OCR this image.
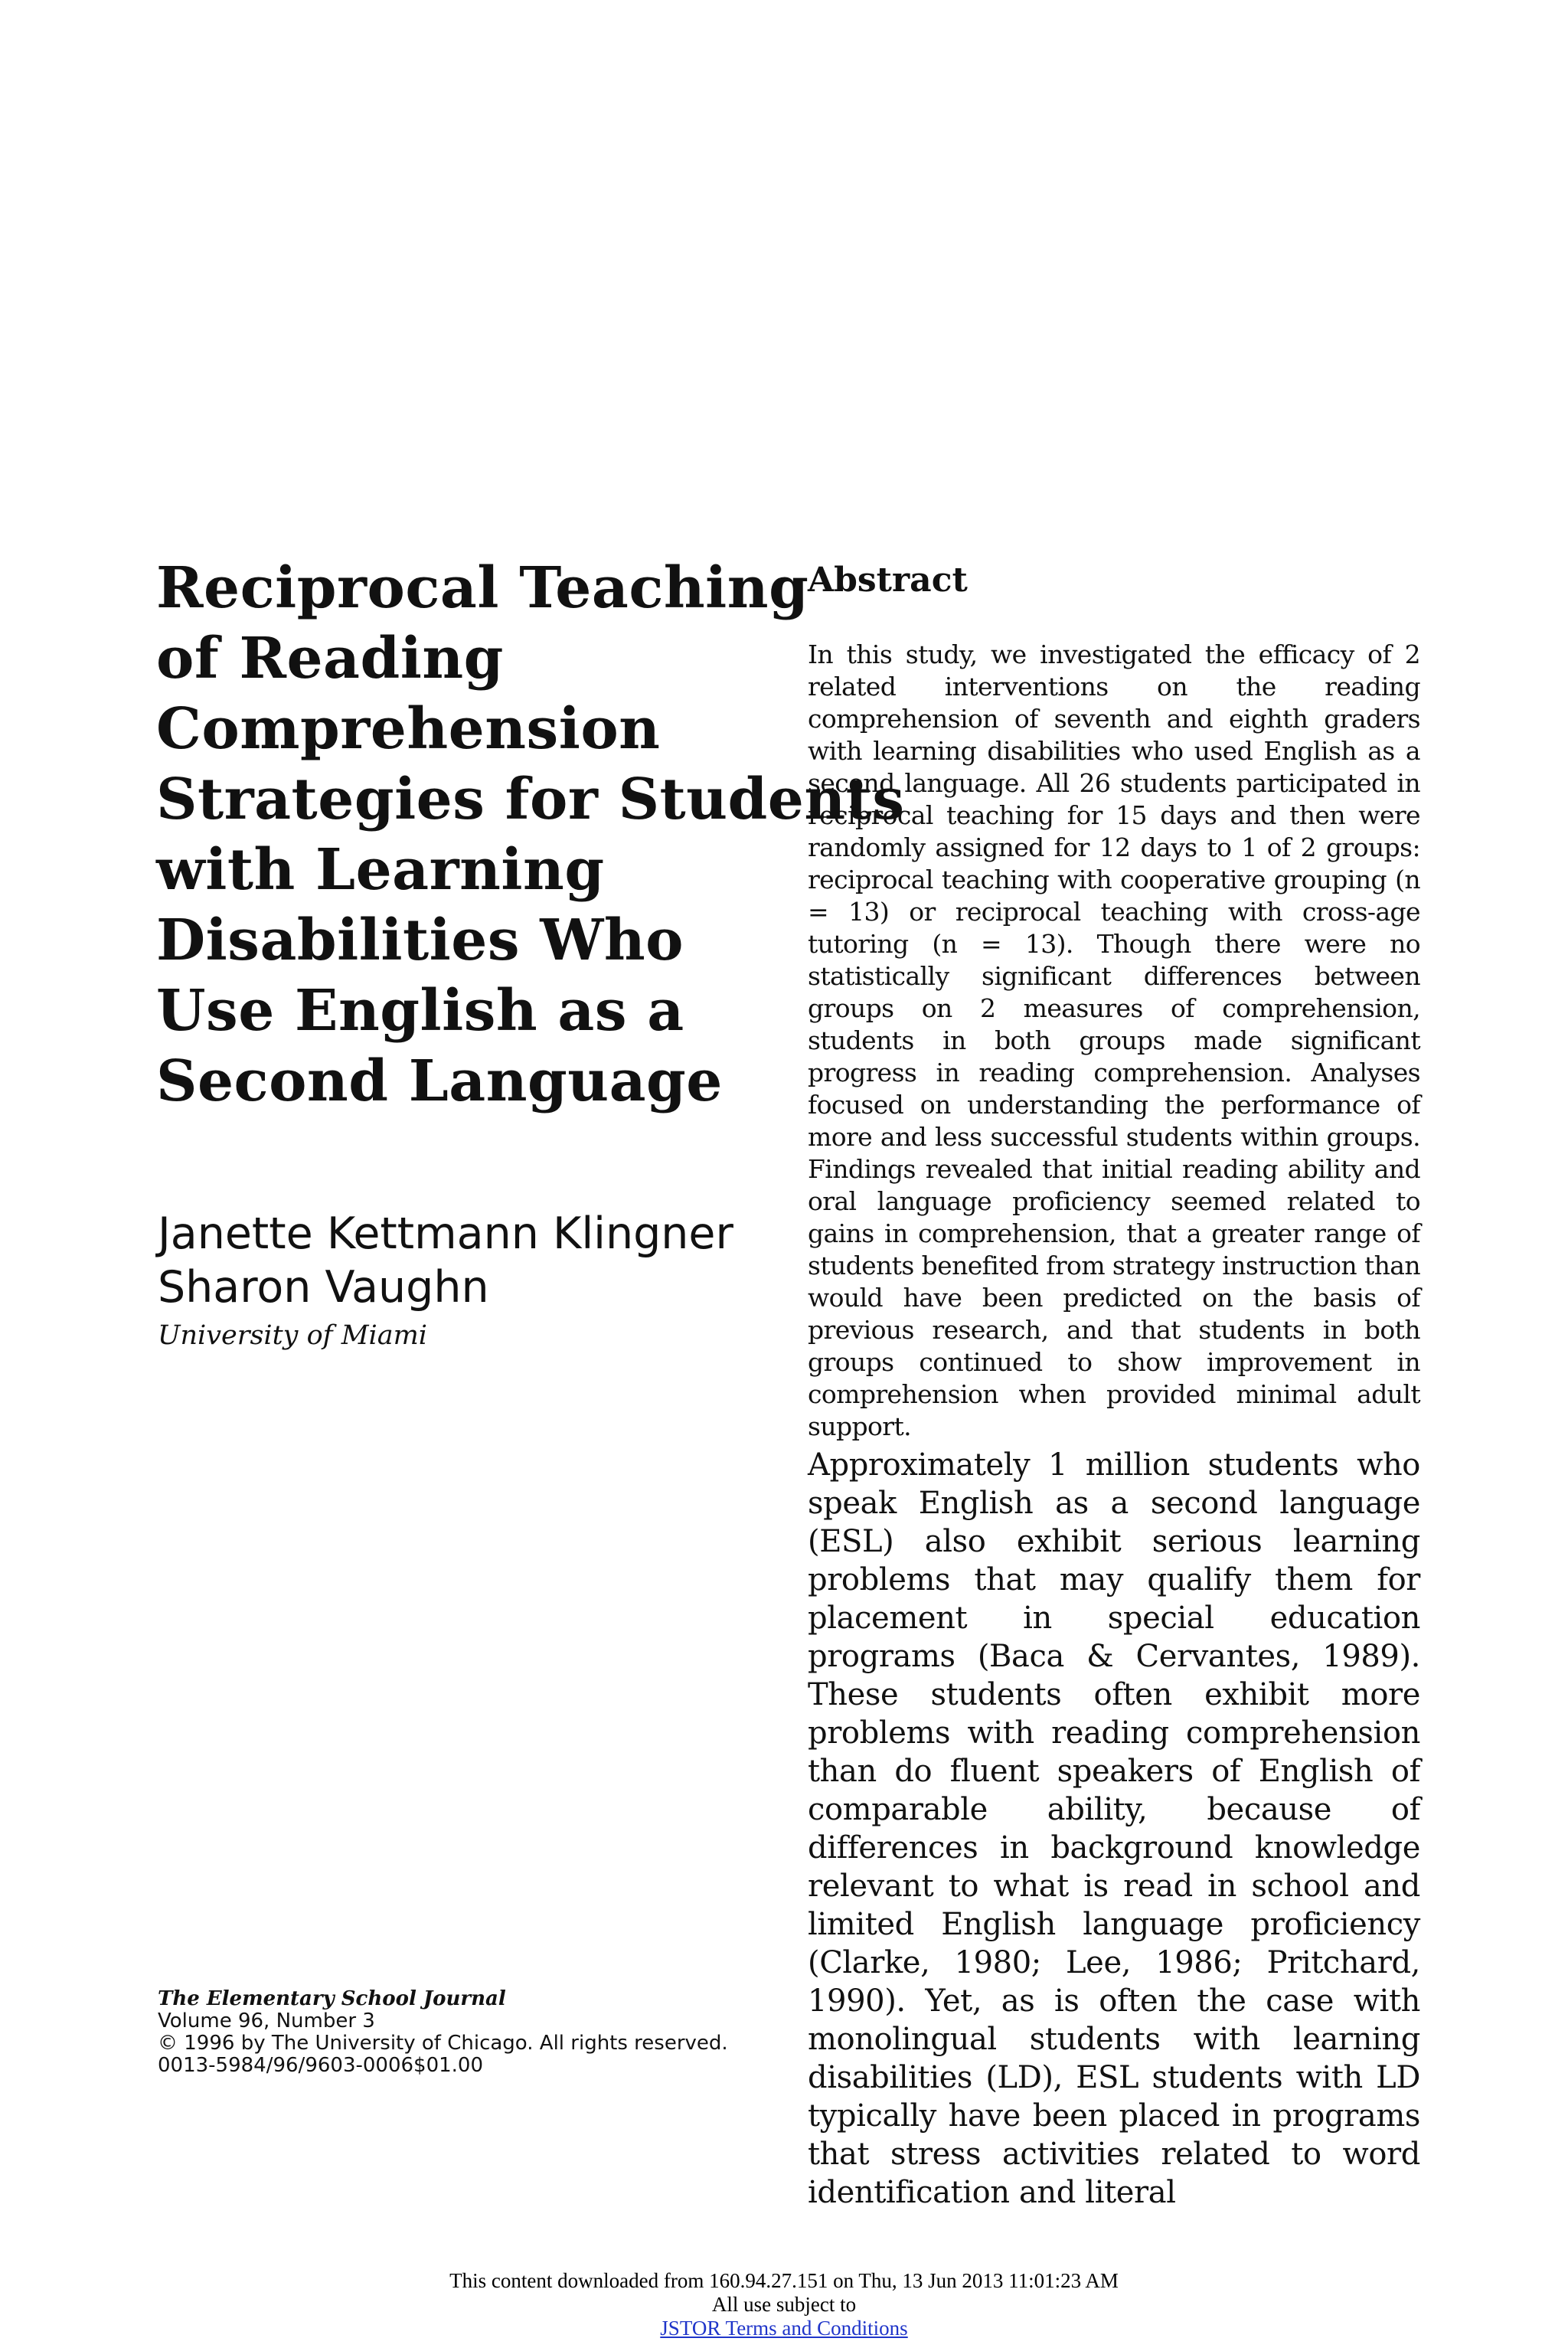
Reciprocal Teaching
of Reading
Comprehension
Strategies for Students
with Learning
Disabilities Who
Use English as a
Second Language
Janette Kettmann Klingner
Sharon Vaughn
University of Miami
The Elementary School Journal
Volume 96, Number 3
© 1996 by The University of Chicago. All rights reserved.
0013-5984/96/9603-0006$01.00
Abstract

In this study, we investigated the efficacy of 2 related interventions on the reading comprehension of seventh and eighth graders with learning disabilities who used English as a second language. All 26 students participated in reciprocal teaching for 15 days and then were randomly assigned for 12 days to 1 of 2 groups: reciprocal teaching with cooperative grouping (n = 13) or reciprocal teaching with cross-age tutoring (n = 13). Though there were no statistically significant differences between groups on 2 measures of comprehension, students in both groups made significant progress in reading comprehension. Analyses focused on understanding the performance of more and less successful students within groups. Findings revealed that initial reading ability and oral language proficiency seemed related to gains in comprehension, that a greater range of students benefited from strategy instruction than would have been predicted on the basis of previous research, and that students in both groups continued to show improvement in comprehension when provided minimal adult support.

Approximately 1 million students who speak English as a second language (ESL) also exhibit serious learning problems that may qualify them for placement in special education programs (Baca & Cervantes, 1989). These students often exhibit more problems with reading comprehension than do fluent speakers of English of comparable ability, because of differences in background knowledge relevant to what is read in school and limited English language proficiency (Clarke, 1980; Lee, 1986; Pritchard, 1990). Yet, as is often the case with monolingual students with learning disabilities (LD), ESL students with LD typically have been placed in programs that stress activities related to word identification and literal

This content downloaded from 160.94.27.151 on Thu, 13 Jun 2013 11:01:23 AM
All use subject to
JSTOR Terms and Conditions
